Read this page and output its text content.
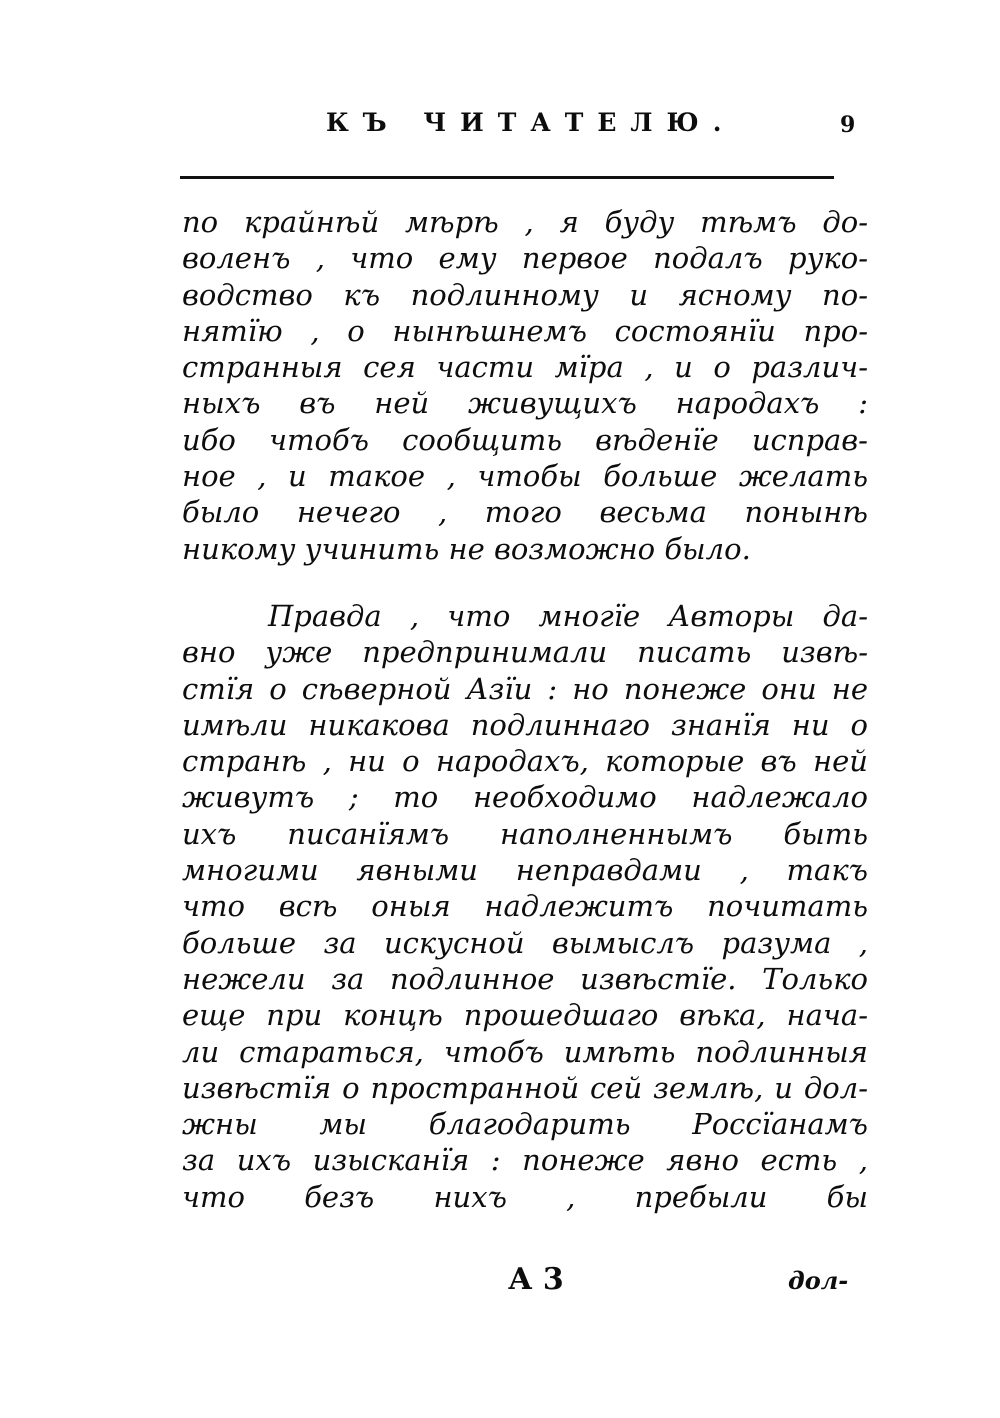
КЪ ЧИТАТЕЛЮ.	9
по крайнѣй мѣрѣ , я буду тѣмъ до-
воленъ , что ему первое подалъ руко-
водство къ подлинному и ясному по-
нятїю , о нынѣшнемъ состоянїи про-
странныя сея части мїра , и о различ-
ныхъ въ ней живущихъ народахъ :
ибо чтобъ сообщить вѣденїе исправ-
ное , и такое , чтобы больше желать
было нечего , того весьма понынѣ
никому учинить не возможно было.
Правда , что многїе Авторы да-
вно уже предпринимали писать извѣ-
стїя о сѣверной Азїи : но понеже они не
имѣли никакова подлиннаго знанїя ни о
странѣ , ни о народахъ, которые въ ней
живутъ ; то необходимо надлежало
ихъ писанїямъ наполненнымъ быть
многими явными неправдами , такъ
что всѣ оныя надлежитъ почитать
больше за искусной вымыслъ разума ,
нежели за подлинное извѣстїе. Только
еще при концѣ прошедшаго вѣка, нача-
ли стараться, чтобъ имѣть подлинныя
извѣстїя о пространной сей землѣ, и дол-
жны мы благодарить Россїанамъ
за ихъ изысканїя : понеже явно есть ,
что безъ нихъ , пребыли бы
А 3	дол-
